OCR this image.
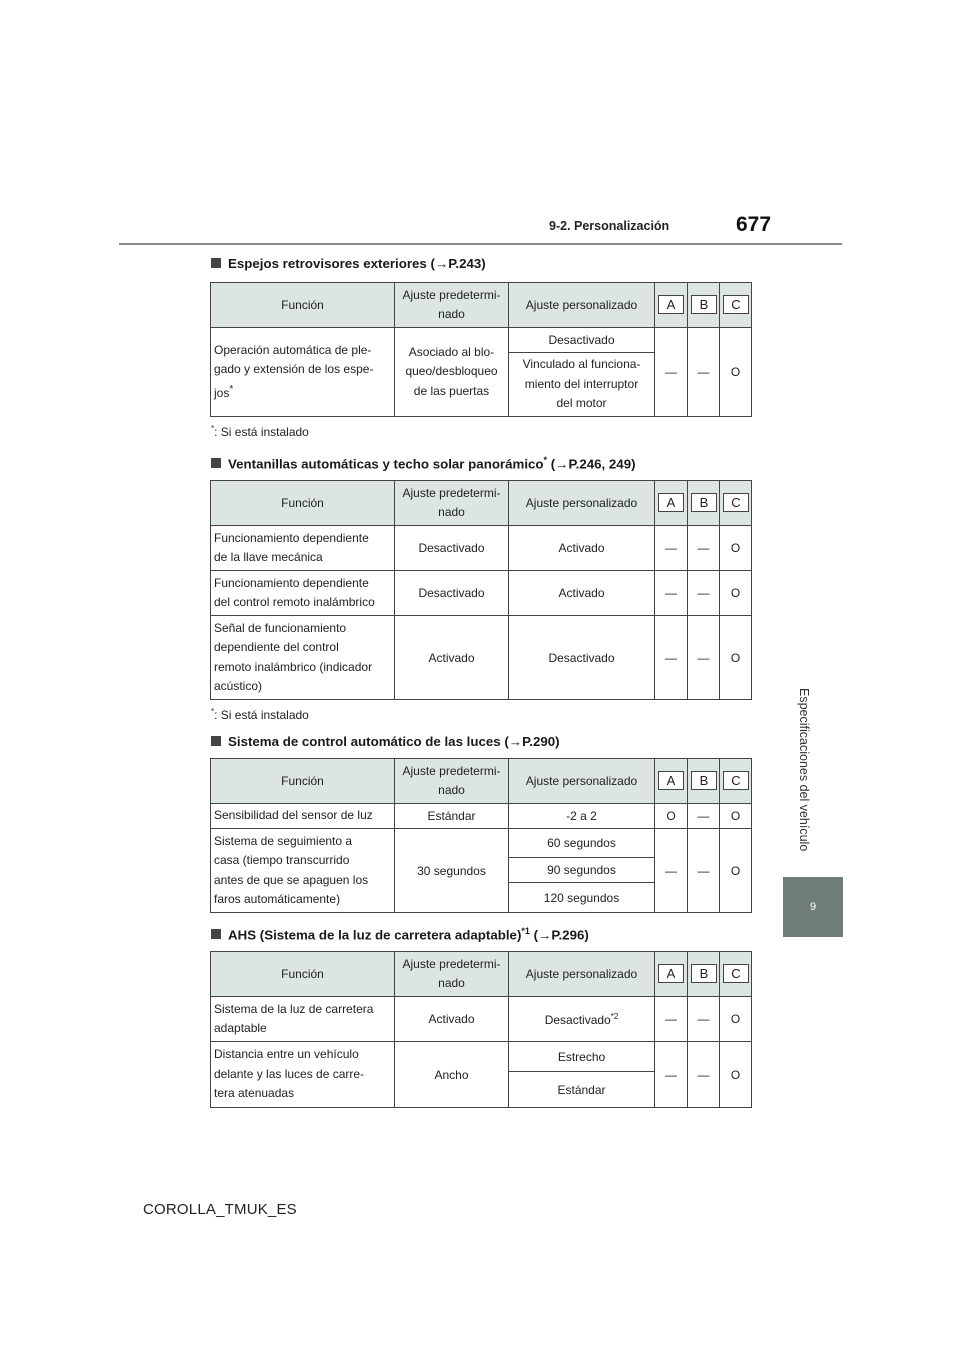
9-2. Personalización	677
Especificaciones del vehículo
9
Espejos retrovisores exteriores (→P.243)
Función	Ajuste predetermi-
nado	Ajuste personalizado	A	B	C
Operación automática de ple-
gado y extensión de los espe-
jos*	Asociado al blo-
queo/desbloqueo
de las puertas	Desactivado	—	—	O
		Vinculado al funciona-
miento del interruptor
del motor			
*: Si está instalado
Ventanillas automáticas y techo solar panorámico* (→P.246, 249)
Función	Ajuste predetermi-
nado	Ajuste personalizado	A	B	C
Funcionamiento dependiente
de la llave mecánica	Desactivado	Activado	—	—	O
Funcionamiento dependiente
del control remoto inalámbrico	Desactivado	Activado	—	—	O
Señal de funcionamiento
dependiente del control
remoto inalámbrico (indicador
acústico)	Activado	Desactivado	—	—	O
*: Si está instalado
Sistema de control automático de las luces (→P.290)
Función	Ajuste predetermi-
nado	Ajuste personalizado	A	B	C
Sensibilidad del sensor de luz	Estándar	-2 a 2	O	—	O
Sistema de seguimiento a
casa (tiempo transcurrido
antes de que se apaguen los
faros automáticamente)	30 segundos	60 segundos	—	—	O
		90 segundos			
		120 segundos			
AHS (Sistema de la luz de carretera adaptable)$^{*1}$ (→P.296)
Función	Ajuste predetermi-
nado	Ajuste personalizado	A	B	C
Sistema de la luz de carretera
adaptable	Activado	Desactivado$^{*2}$	—	—	O
Distancia entre un vehículo
delante y las luces de carre-
tera atenuadas	Ancho	Estrecho	—	—	O
		Estándar			
COROLLA_TMUK_ES
